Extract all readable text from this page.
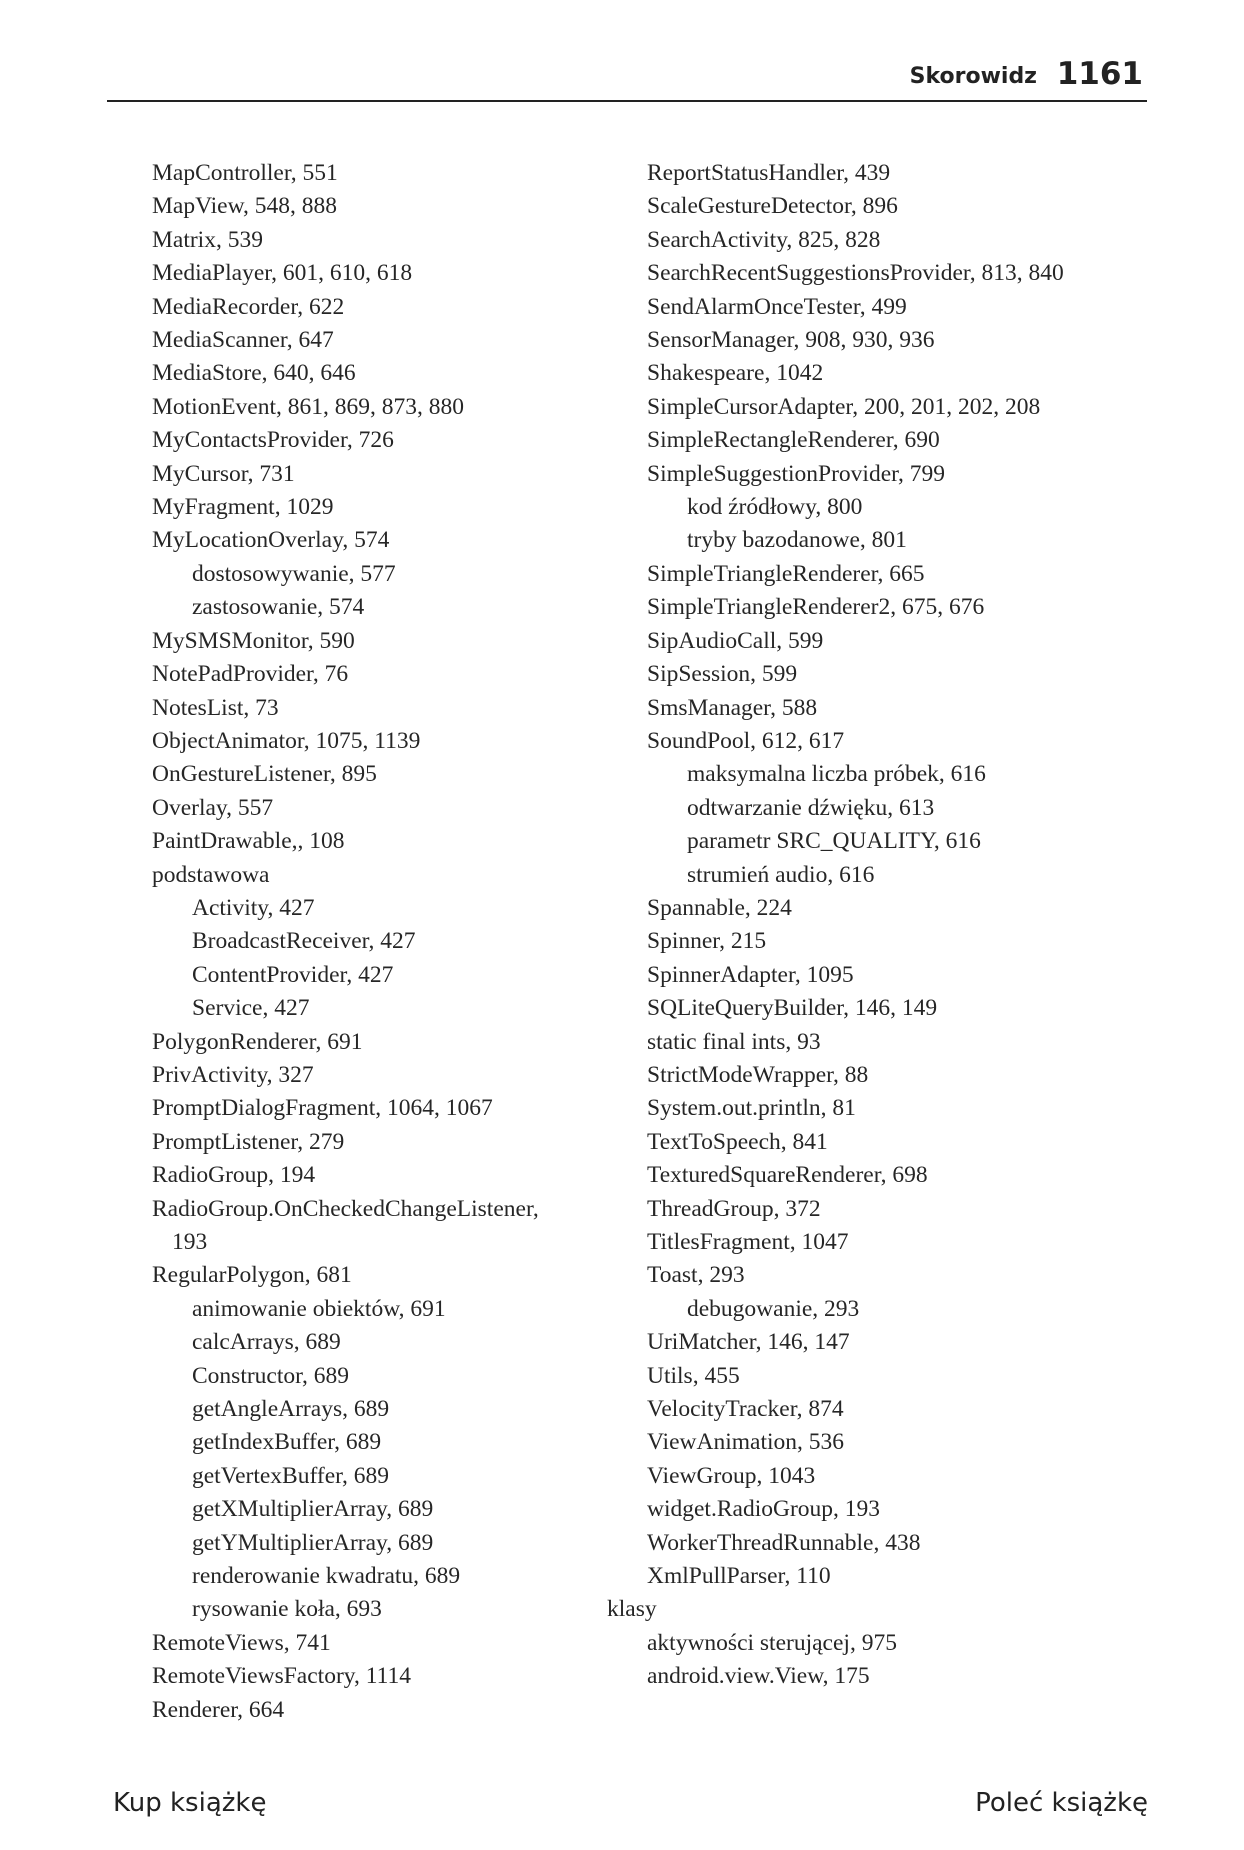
Skorowidz 1161
MapController, 551
MapView, 548, 888
Matrix, 539
MediaPlayer, 601, 610, 618
MediaRecorder, 622
MediaScanner, 647
MediaStore, 640, 646
MotionEvent, 861, 869, 873, 880
MyContactsProvider, 726
MyCursor, 731
MyFragment, 1029
MyLocationOverlay, 574
dostosowywanie, 577
zastosowanie, 574
MySMSMonitor, 590
NotePadProvider, 76
NotesList, 73
ObjectAnimator, 1075, 1139
OnGestureListener, 895
Overlay, 557
PaintDrawable,, 108
podstawowa
Activity, 427
BroadcastReceiver, 427
ContentProvider, 427
Service, 427
PolygonRenderer, 691
PrivActivity, 327
PromptDialogFragment, 1064, 1067
PromptListener, 279
RadioGroup, 194
RadioGroup.OnCheckedChangeListener,
193
RegularPolygon, 681
animowanie obiektów, 691
calcArrays, 689
Constructor, 689
getAngleArrays, 689
getIndexBuffer, 689
getVertexBuffer, 689
getXMultiplierArray, 689
getYMultiplierArray, 689
renderowanie kwadratu, 689
rysowanie koła, 693
RemoteViews, 741
RemoteViewsFactory, 1114
Renderer, 664
ReportStatusHandler, 439
ScaleGestureDetector, 896
SearchActivity, 825, 828
SearchRecentSuggestionsProvider, 813, 840
SendAlarmOnceTester, 499
SensorManager, 908, 930, 936
Shakespeare, 1042
SimpleCursorAdapter, 200, 201, 202, 208
SimpleRectangleRenderer, 690
SimpleSuggestionProvider, 799
kod źródłowy, 800
tryby bazodanowe, 801
SimpleTriangleRenderer, 665
SimpleTriangleRenderer2, 675, 676
SipAudioCall, 599
SipSession, 599
SmsManager, 588
SoundPool, 612, 617
maksymalna liczba próbek, 616
odtwarzanie dźwięku, 613
parametr SRC_QUALITY, 616
strumień audio, 616
Spannable, 224
Spinner, 215
SpinnerAdapter, 1095
SQLiteQueryBuilder, 146, 149
static final ints, 93
StrictModeWrapper, 88
System.out.println, 81
TextToSpeech, 841
TexturedSquareRenderer, 698
ThreadGroup, 372
TitlesFragment, 1047
Toast, 293
debugowanie, 293
UriMatcher, 146, 147
Utils, 455
VelocityTracker, 874
ViewAnimation, 536
ViewGroup, 1043
widget.RadioGroup, 193
WorkerThreadRunnable, 438
XmlPullParser, 110
klasy
aktywności sterującej, 975
android.view.View, 175
Kup książkę	Poleć książkę
